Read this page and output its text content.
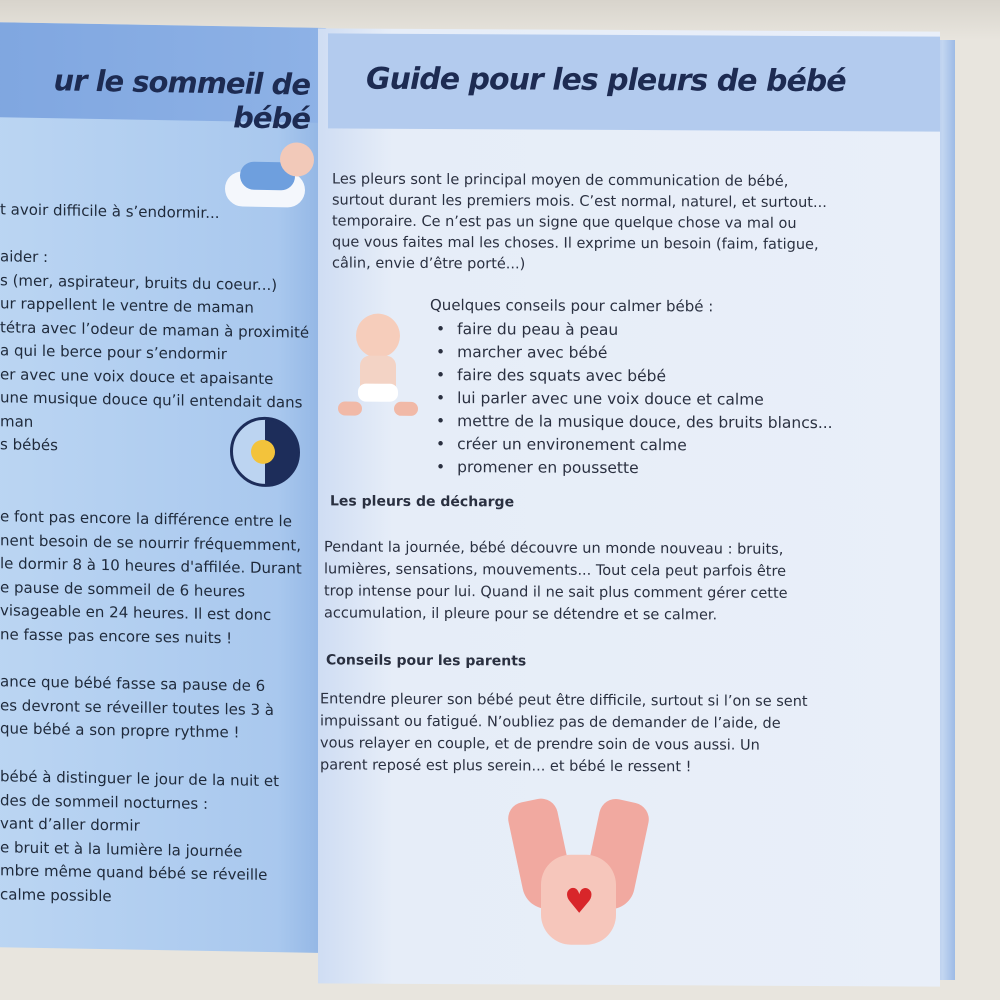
ur le sommeil de bébé
t avoir difficile à s’endormir...
aider :
s (mer, aspirateur, bruits du coeur...)
ur rappellent le ventre de maman
tétra avec l’odeur de maman à proximité
a qui le berce pour s’endormir
er avec une voix douce et apaisante
une musique douce qu’il entendait dans
man
s bébés
e font pas encore la différence entre le
nent besoin de se nourrir fréquemment,
le dormir 8 à 10 heures d'affilée. Durant
e pause de sommeil de 6 heures
visageable en 24 heures. Il est donc
ne fasse pas encore ses nuits !
ance que bébé fasse sa pause de 6
es devront se réveiller toutes les 3 à
que bébé a son propre rythme !
bébé à distinguer le jour de la nuit et
des de sommeil nocturnes :
vant d’aller dormir
e bruit et à la lumière la journée
mbre même quand bébé se réveille
calme possible
Guide pour les pleurs de bébé
Quelques conseils pour calmer bébé :
• faire du peau à peau
• marcher avec bébé
• faire des squats avec bébé
• lui parler avec une voix douce et calme
• mettre de la musique douce, des bruits blancs...
• créer un environement calme
• promener en poussette
Les pleurs de décharge
Conseils pour les parents
♥
Les pleurs sont le principal moyen de communication de bébé,
surtout durant les premiers mois. C’est normal, naturel, et surtout...
temporaire. Ce n’est pas un signe que quelque chose va mal ou
que vous faites mal les choses. Il exprime un besoin (faim, fatigue,
câlin, envie d’être porté...)
Pendant la journée, bébé découvre un monde nouveau : bruits,
lumières, sensations, mouvements... Tout cela peut parfois être
trop intense pour lui. Quand il ne sait plus comment gérer cette
accumulation, il pleure pour se détendre et se calmer.
Entendre pleurer son bébé peut être difficile, surtout si l’on se sent
impuissant ou fatigué. N’oubliez pas de demander de l’aide, de
vous relayer en couple, et de prendre soin de vous aussi. Un
parent reposé est plus serein... et bébé le ressent !
